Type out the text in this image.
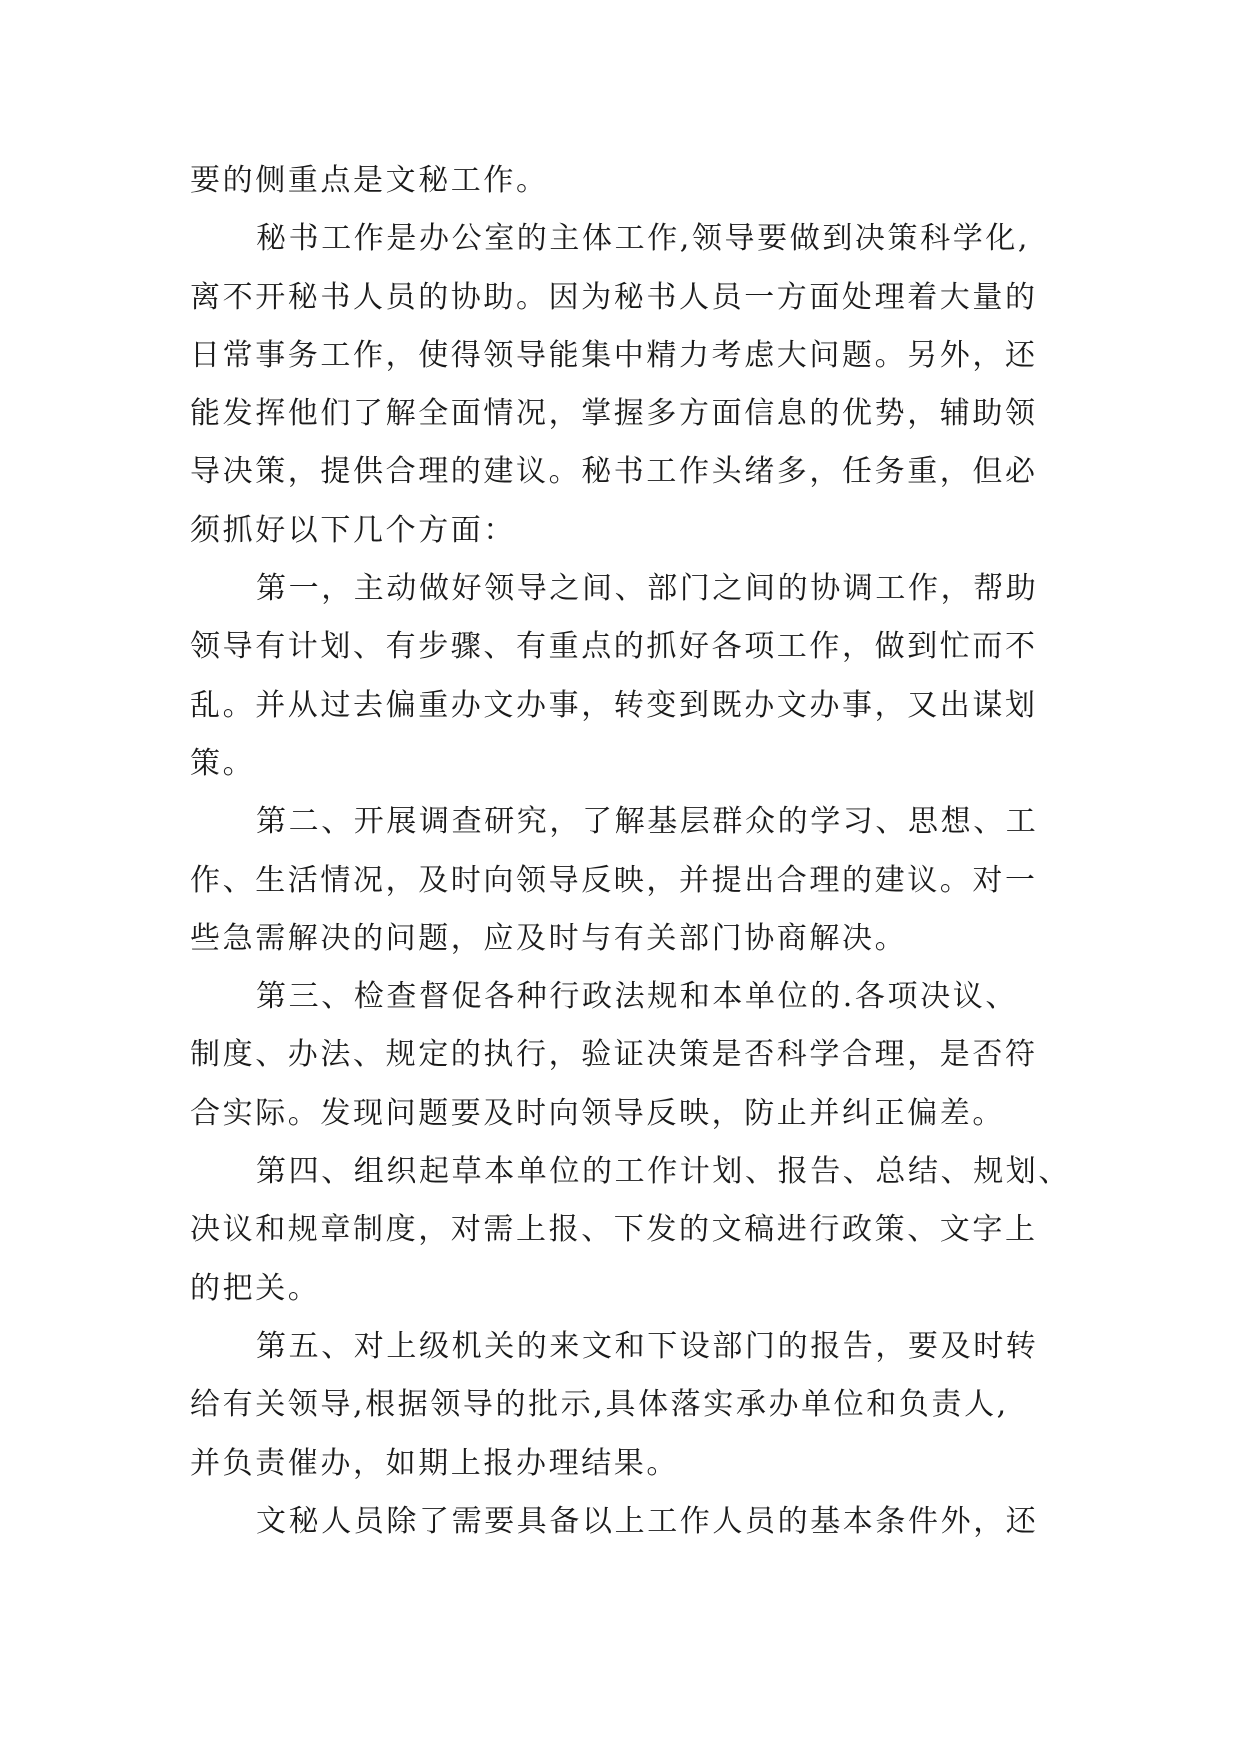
要的侧重点是文秘工作。
秘书工作是办公室的主体工作,领导要做到决策科学化,
离不开秘书人员的协助。因为秘书人员一方面处理着大量的
日常事务工作，使得领导能集中精力考虑大问题。另外，还
能发挥他们了解全面情况，掌握多方面信息的优势，辅助领
导决策，提供合理的建议。秘书工作头绪多，任务重，但必
须抓好以下几个方面：
第一，主动做好领导之间、部门之间的协调工作，帮助
领导有计划、有步骤、有重点的抓好各项工作，做到忙而不
乱。并从过去偏重办文办事，转变到既办文办事，又出谋划
策。
第二、开展调查研究，了解基层群众的学习、思想、工
作、生活情况，及时向领导反映，并提出合理的建议。对一
些急需解决的问题，应及时与有关部门协商解决。
第三、检查督促各种行政法规和本单位的.各项决议、
制度、办法、规定的执行，验证决策是否科学合理，是否符
合实际。发现问题要及时向领导反映，防止并纠正偏差。
第四、组织起草本单位的工作计划、报告、总结、规划、
决议和规章制度，对需上报、下发的文稿进行政策、文字上
的把关。
第五、对上级机关的来文和下设部门的报告，要及时转
给有关领导,根据领导的批示,具体落实承办单位和负责人,
并负责催办，如期上报办理结果。
文秘人员除了需要具备以上工作人员的基本条件外，还
